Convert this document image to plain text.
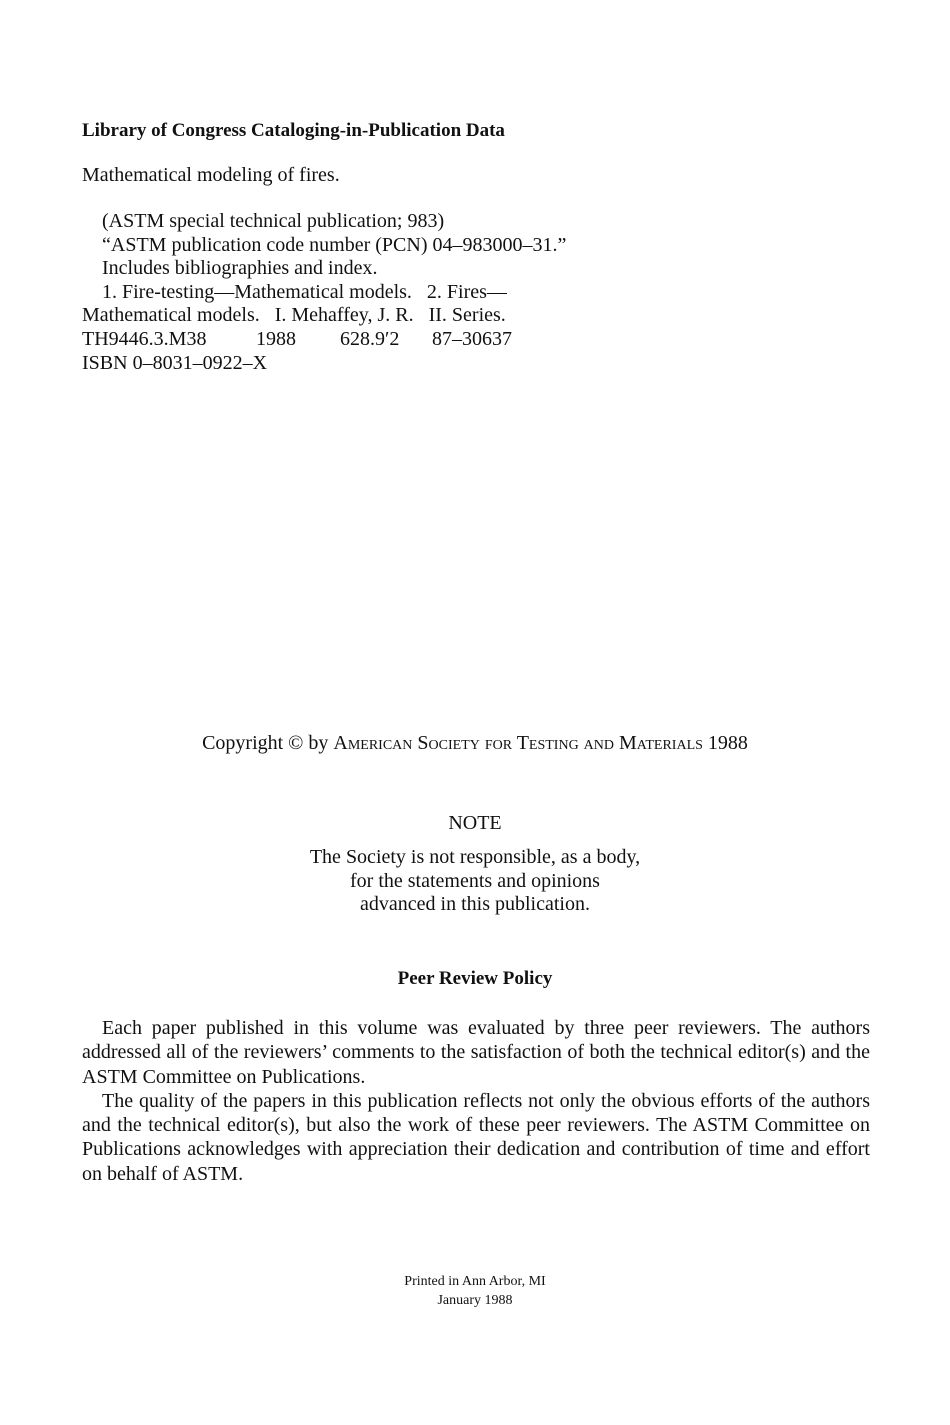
Library of Congress Cataloging-in-Publication Data
Mathematical modeling of fires.
(ASTM special technical publication; 983)
“ASTM publication code number (PCN) 04–983000–31.”
Includes bibliographies and index.
1. Fire-testing—Mathematical models.   2. Fires—
Mathematical models.   I. Mehaffey, J. R.   II. Series.
TH9446.3.M38 1988 628.9′2 87–30637
ISBN 0–8031–0922–X
Copyright © by American Society for Testing and Materials 1988
NOTE
The Society is not responsible, as a body,
for the statements and opinions
advanced in this publication.
Peer Review Policy

Each paper published in this volume was evaluated by three peer reviewers. The authors addressed all of the reviewers’ comments to the satisfaction of both the technical editor(s) and the ASTM Committee on Publications.

The quality of the papers in this publication reflects not only the obvious efforts of the authors and the technical editor(s), but also the work of these peer reviewers. The ASTM Committee on Publications acknowledges with appreciation their dedication and contribution of time and effort on behalf of ASTM.

Printed in Ann Arbor, MI
January 1988
